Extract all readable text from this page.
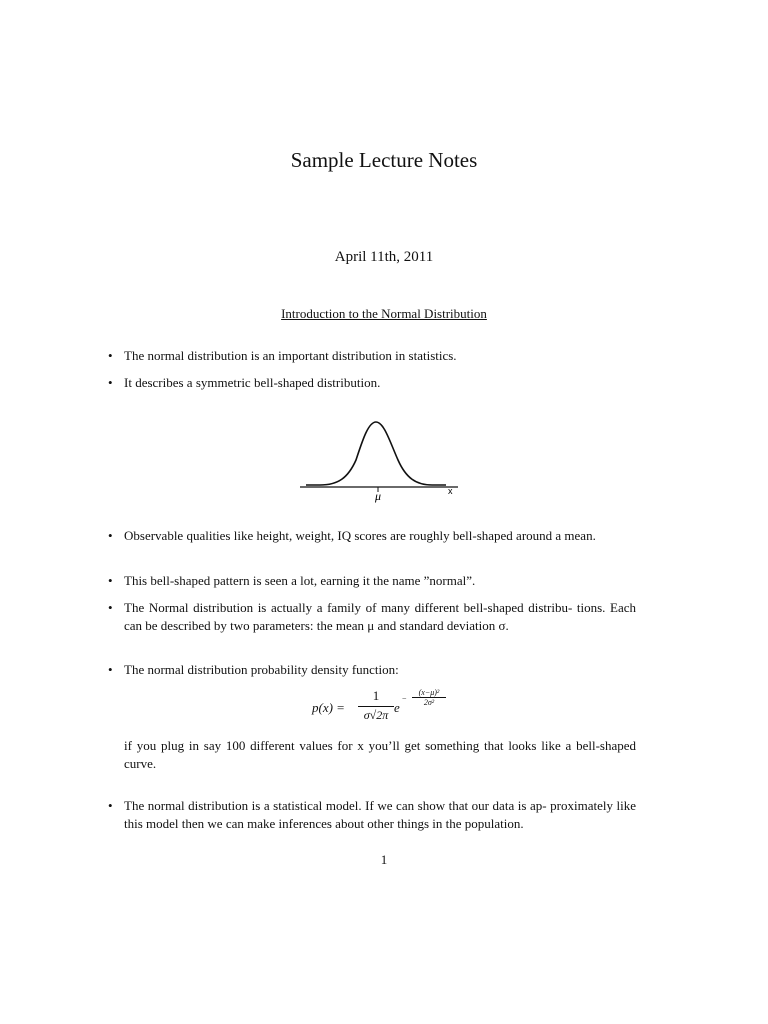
Sample Lecture Notes
April 11th, 2011
Introduction to the Normal Distribution
• The normal distribution is an important distribution in statistics.
• It describes a symmetric bell-shaped distribution.
μ	x
• Observable qualities like height, weight, IQ scores are roughly bell-shaped around a mean.
• This bell-shaped pattern is seen a lot, earning it the name ”normal”.
• The Normal distribution is actually a family of many different bell-shaped distribu- tions. Each can be described by two parameters: the mean μ and standard deviation σ.
• The normal distribution probability density function:
p(x) =
1
σ√2π e
−
(x−μ)²
2σ²
if you plug in say 100 different values for x you’ll get something that looks like a bell-shaped curve.
• The normal distribution is a statistical model. If we can show that our data is ap- proximately like this model then we can make inferences about other things in the population.
1
